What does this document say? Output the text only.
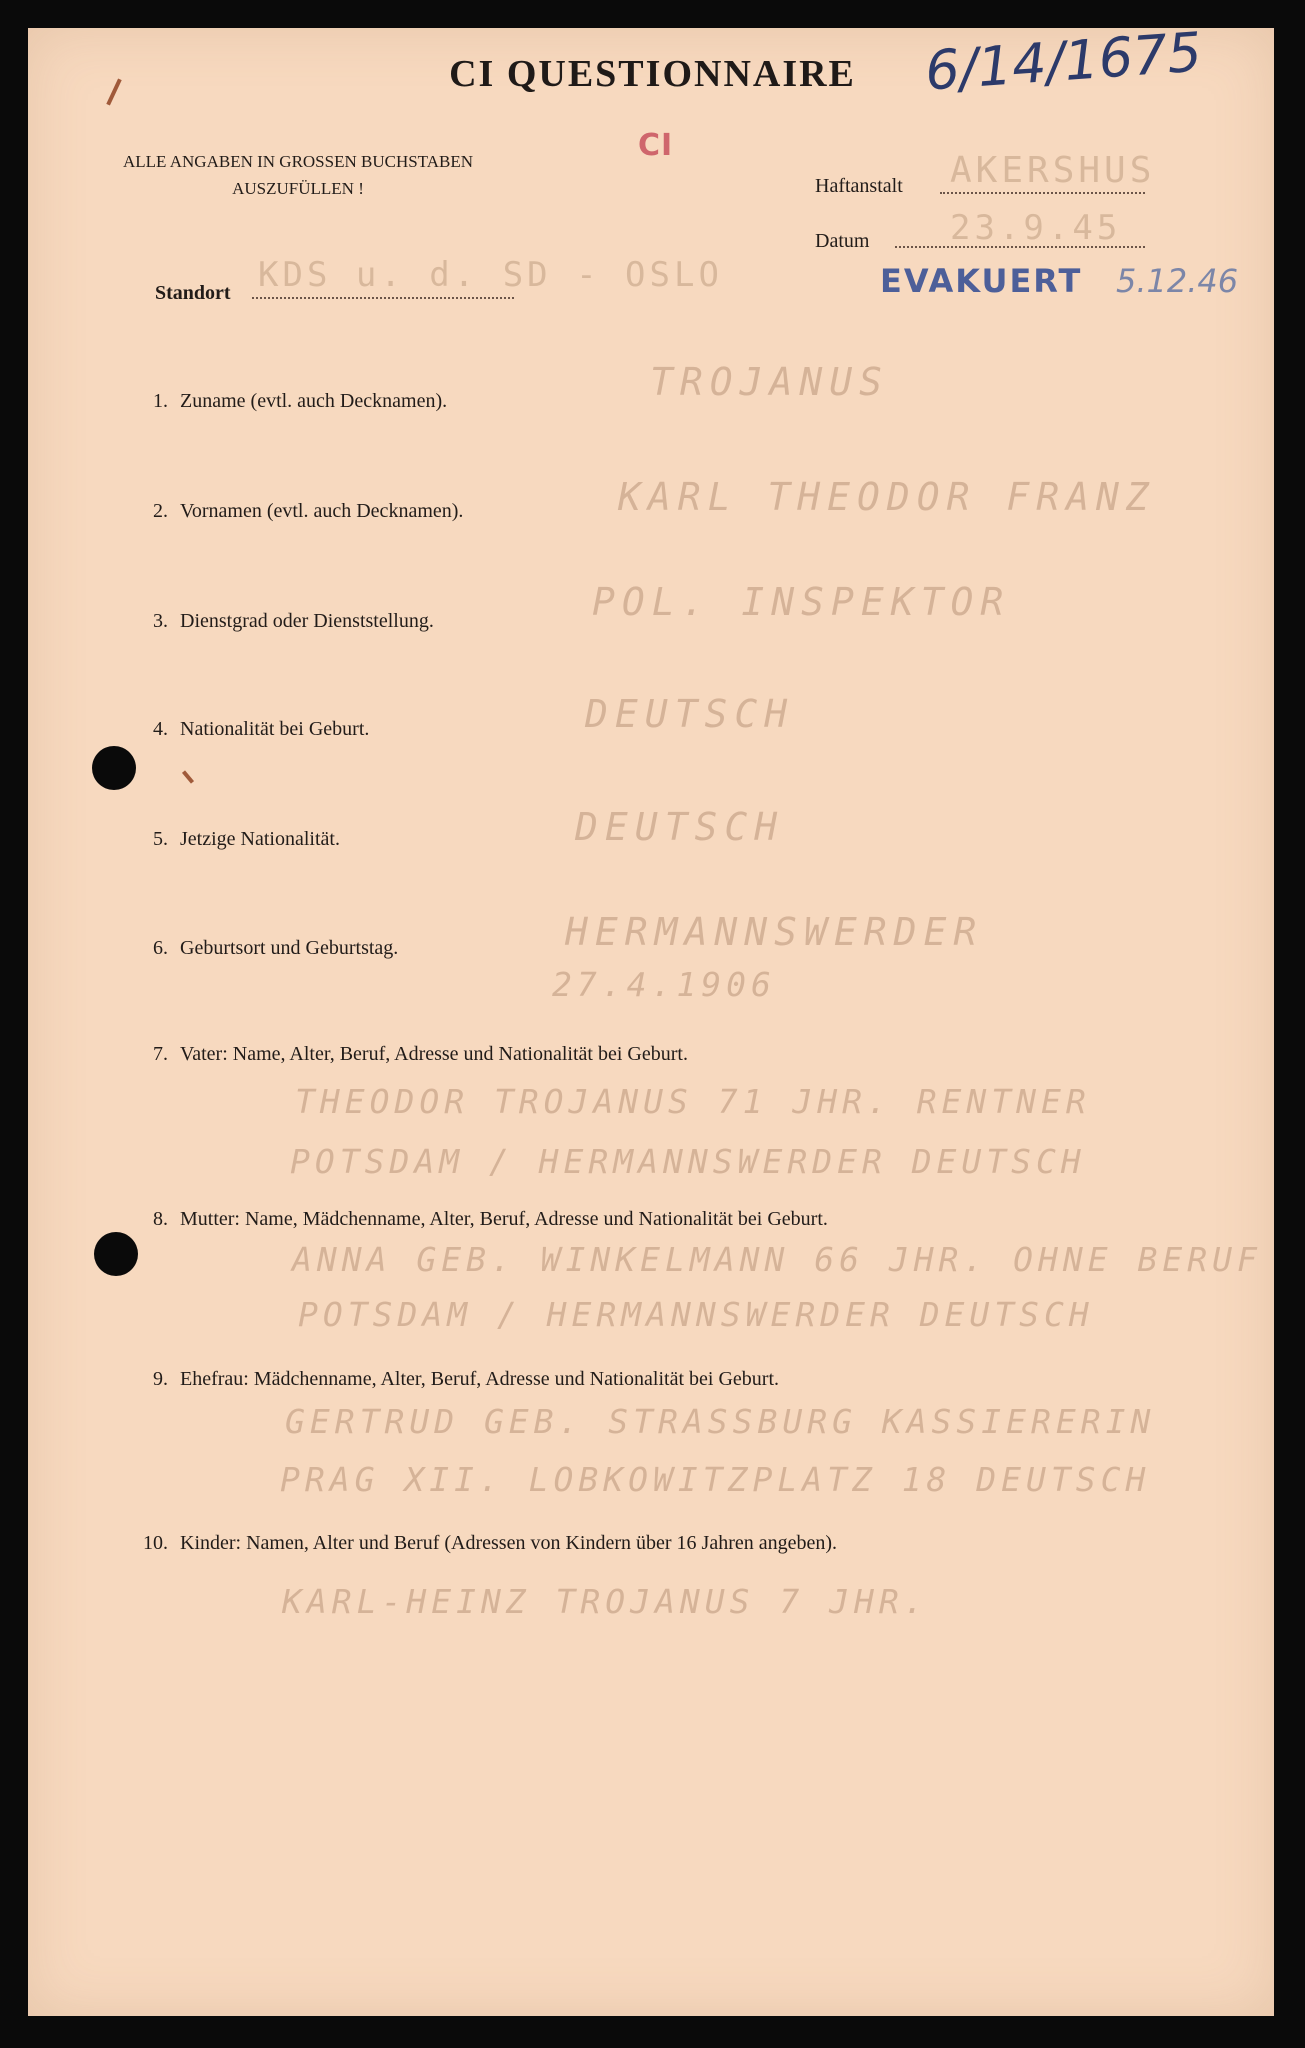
CI QUESTIONNAIRE	6/14/1675
ALLE ANGABEN IN GROSSEN BUCHSTABEN
AUSZUFÜLLEN !
CI
Haftanstalt AKERSHUS
Datum 23.9.45
Standort KDS u. d. SD - OSLO	EVAKUERT 5.12.46
1. Zuname (evtl. auch Decknamen).	TROJANUS
2. Vornamen (evtl. auch Decknamen).	KARL THEODOR FRANZ
3. Dienstgrad oder Dienststellung.	POL. INSPEKTOR
4. Nationalität bei Geburt.	DEUTSCH
5. Jetzige Nationalität.	DEUTSCH
6. Geburtsort und Geburtstag.	HERMANNSWERDER
27.4.1906
7. Vater: Name, Alter, Beruf, Adresse und Nationalität bei Geburt.
THEODOR TROJANUS 71 JHR. RENTNER
POTSDAM / HERMANNSWERDER DEUTSCH
8. Mutter: Name, Mädchenname, Alter, Beruf, Adresse und Nationalität bei Geburt.
ANNA GEB. WINKELMANN 66 JHR. OHNE BERUF
POTSDAM / HERMANNSWERDER DEUTSCH
9. Ehefrau: Mädchenname, Alter, Beruf, Adresse und Nationalität bei Geburt.
GERTRUD GEB. STRASSBURG KASSIERERIN
PRAG XII. LOBKOWITZPLATZ 18 DEUTSCH
10. Kinder: Namen, Alter und Beruf (Adressen von Kindern über 16 Jahren angeben).
KARL-HEINZ TROJANUS 7 JHR.
